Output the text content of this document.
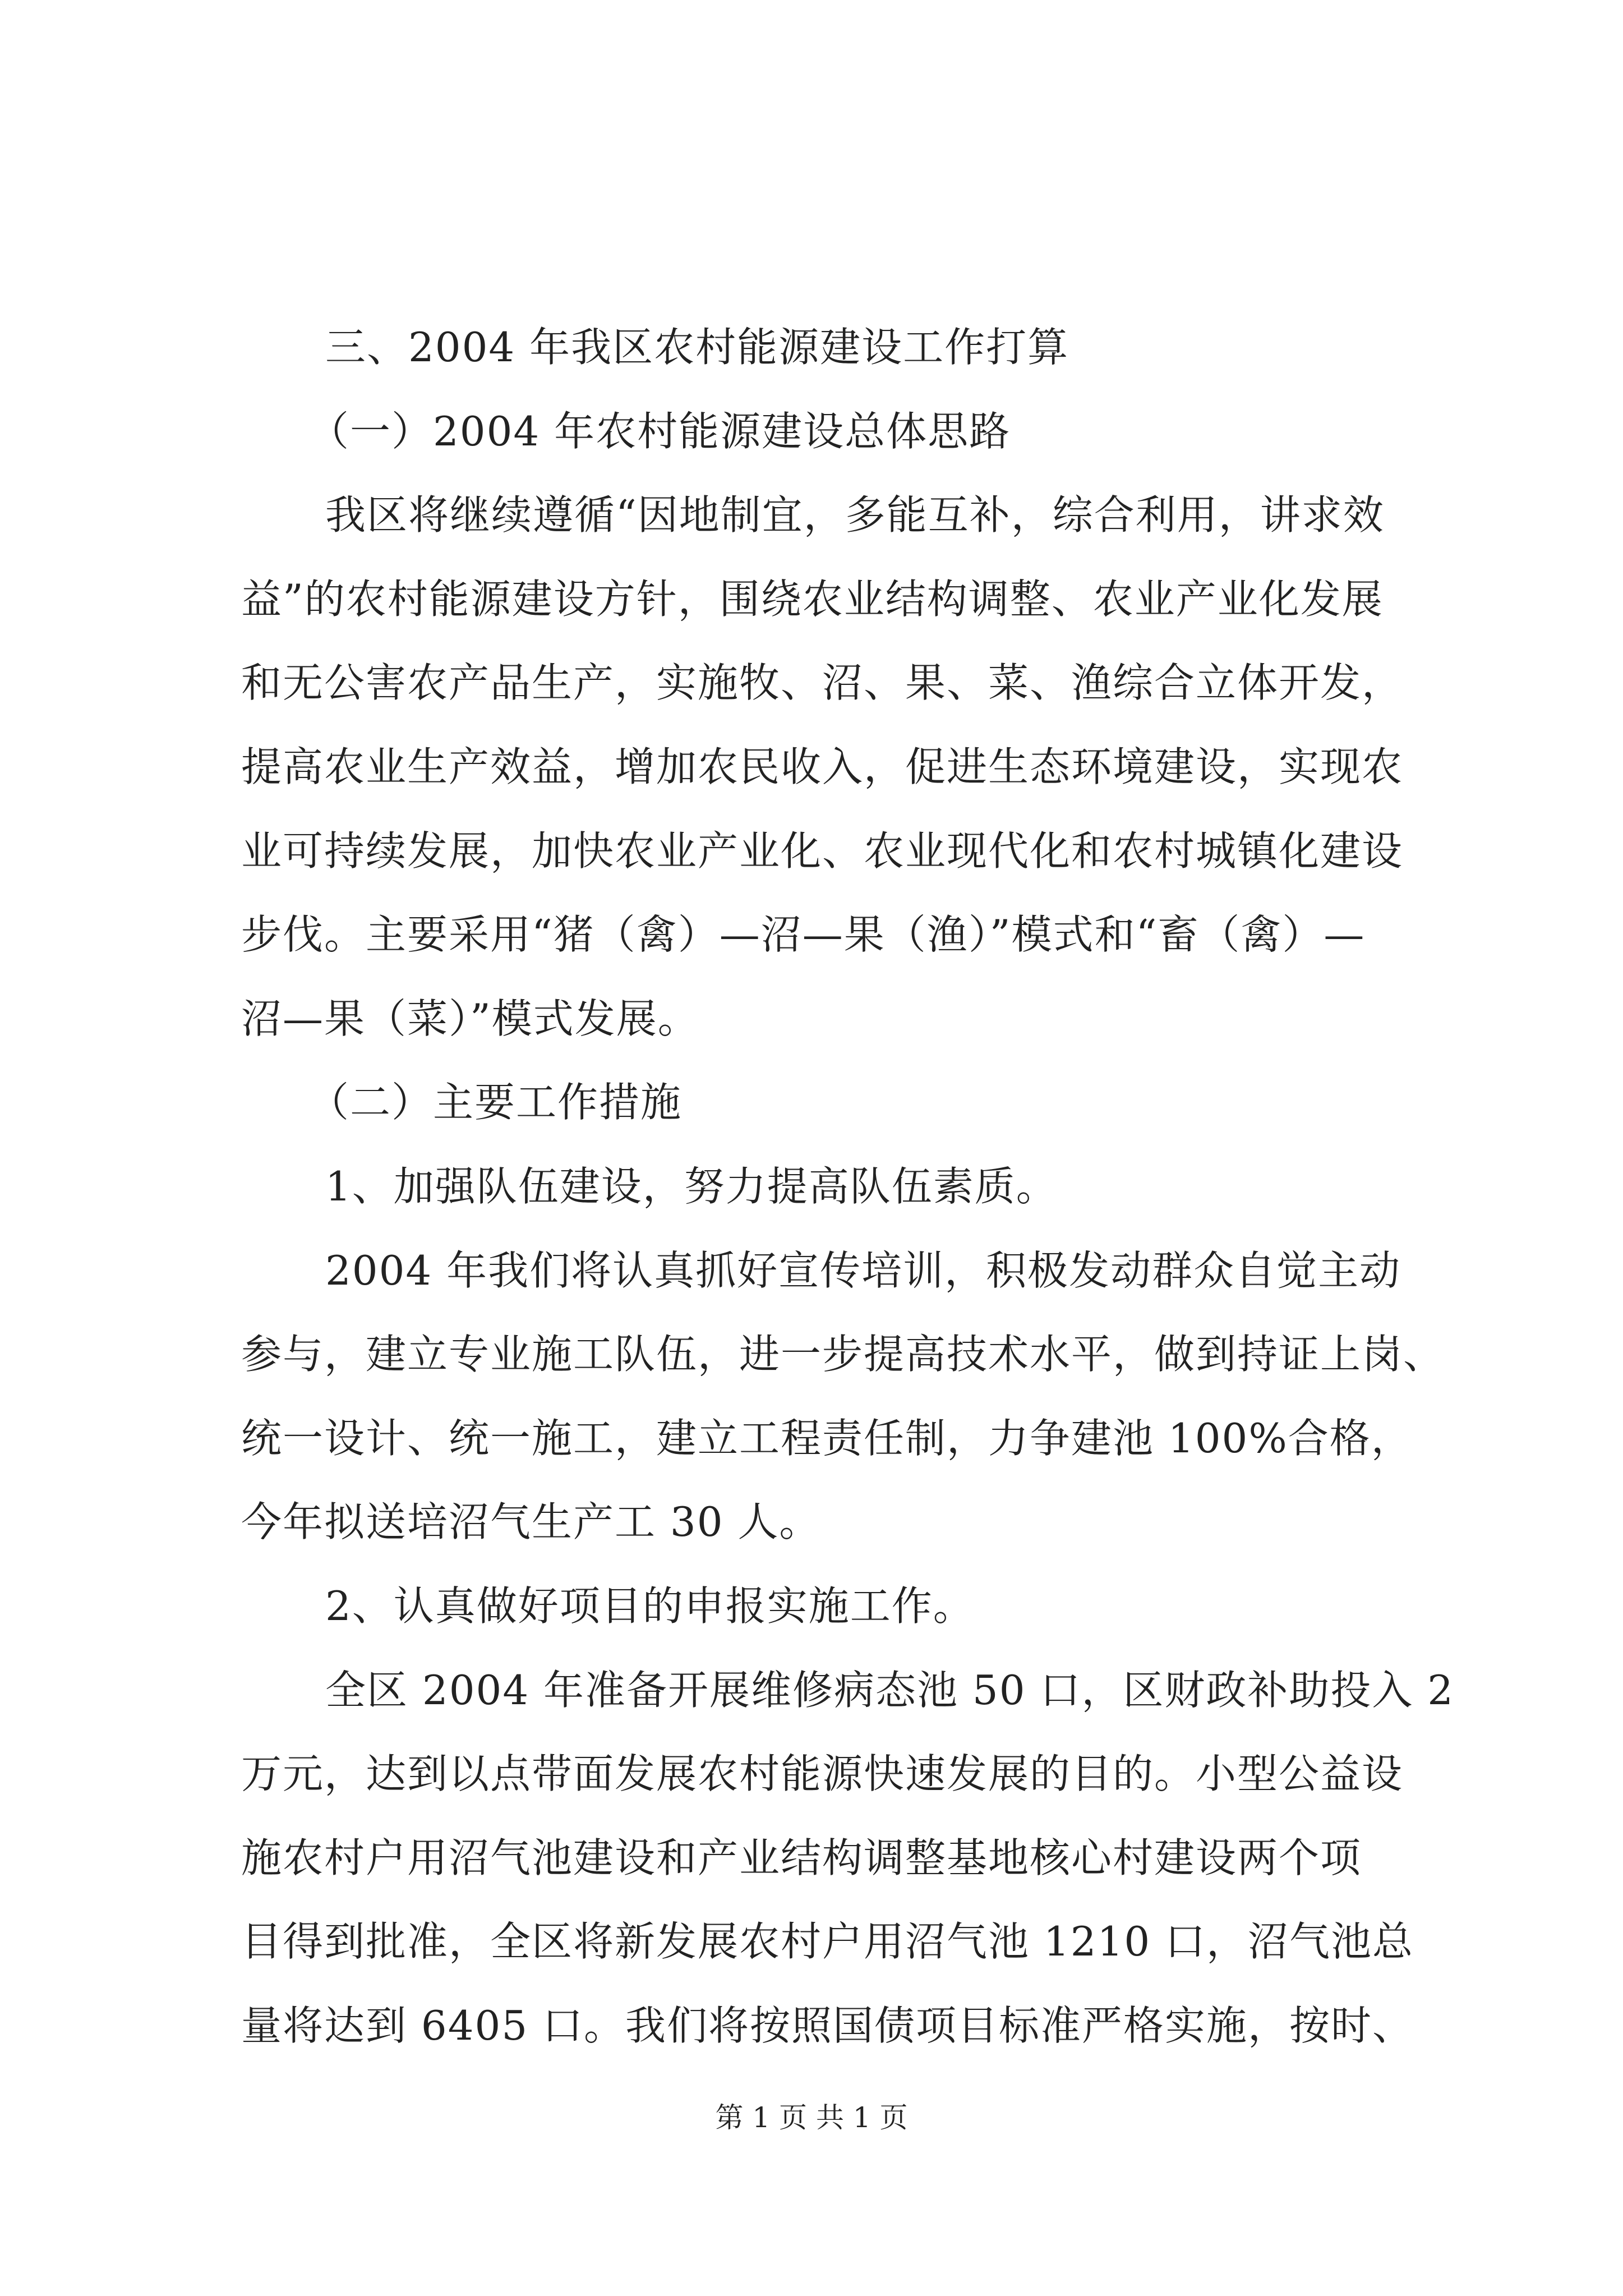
三、2004 年我区农村能源建设工作打算
（一）2004 年农村能源建设总体思路
我区将继续遵循“因地制宜，多能互补，综合利用，讲求效
益”的农村能源建设方针，围绕农业结构调整、农业产业化发展
和无公害农产品生产，实施牧、沼、果、菜、渔综合立体开发，
提高农业生产效益，增加农民收入，促进生态环境建设，实现农
业可持续发展，加快农业产业化、农业现代化和农村城镇化建设
步伐。主要采用“猪（禽）—沼—果（渔）”模式和“畜（禽）—
沼—果（菜）”模式发展。
（二）主要工作措施
1、加强队伍建设，努力提高队伍素质。
2004 年我们将认真抓好宣传培训，积极发动群众自觉主动
参与，建立专业施工队伍，进一步提高技术水平，做到持证上岗、
统一设计、统一施工，建立工程责任制，力争建池 100%合格，
今年拟送培沼气生产工 30 人。
2、认真做好项目的申报实施工作。
全区 2004 年准备开展维修病态池 50 口，区财政补助投入 2
万元，达到以点带面发展农村能源快速发展的目的。小型公益设
施农村户用沼气池建设和产业结构调整基地核心村建设两个项
目得到批准，全区将新发展农村户用沼气池 1210 口，沼气池总
量将达到 6405 口。我们将按照国债项目标准严格实施，按时、
第 1 页 共 1 页
